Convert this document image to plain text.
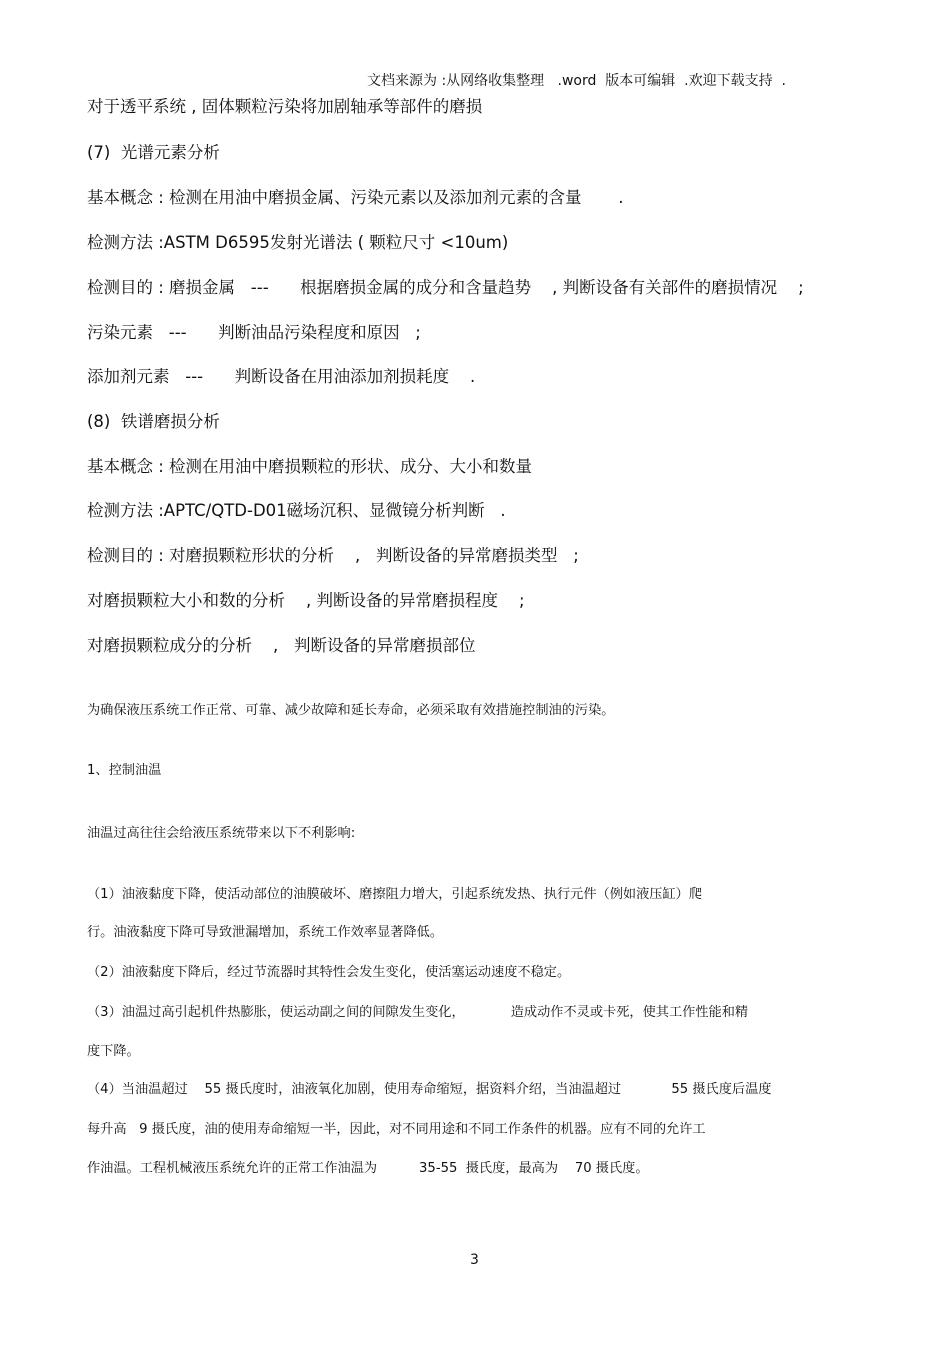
文档来源为 :从网络收集整理   .word  版本可编辑  .欢迎下载支持  .
对于透平系统 , 固体颗粒污染将加剧轴承等部件的磨损
(7)  光谱元素分析
基本概念 : 检测在用油中磨损金属、污染元素以及添加剂元素的含量       .
检测方法 :ASTM D6595发射光谱法 ( 颗粒尺寸 <10um)
检测目的 : 磨损金属   ---      根据磨损金属的成分和含量趋势    , 判断设备有关部件的磨损情况    ;
污染元素   ---      判断油品污染程度和原因   ;
添加剂元素   ---      判断设备在用油添加剂损耗度    .
(8)  铁谱磨损分析
基本概念 : 检测在用油中磨损颗粒的形状、成分、大小和数量
检测方法 :APTC/QTD-D01磁场沉积、显微镜分析判断   .
检测目的 : 对磨损颗粒形状的分析    ,   判断设备的异常磨损类型   ;
对磨损颗粒大小和数的分析    , 判断设备的异常磨损程度    ;
对磨损颗粒成分的分析    ,   判断设备的异常磨损部位
为确保液压系统工作正常、可靠、减少故障和延长寿命，必须采取有效措施控制油的污染。
1、控制油温
油温过高往往会给液压系统带来以下不利影响:
（1）油液黏度下降，使活动部位的油膜破坏、磨擦阻力增大，引起系统发热、执行元件（例如液压缸）爬
行。油液黏度下降可导致泄漏增加，系统工作效率显著降低。
（2）油液黏度下降后，经过节流器时其特性会发生变化，使活塞运动速度不稳定。
（3）油温过高引起机件热膨胀，使运动副之间的间隙发生变化，           造成动作不灵或卡死，使其工作性能和精
度下降。
（4）当油温超过    55 摄氏度时，油液氧化加剧，使用寿命缩短，据资料介绍，当油温超过            55 摄氏度后温度
每升高   9 摄氏度，油的使用寿命缩短一半，因此，对不同用途和不同工作条件的机器。应有不同的允许工
作油温。工程机械液压系统允许的正常工作油温为          35-55  摄氏度，最高为    70 摄氏度。
3
